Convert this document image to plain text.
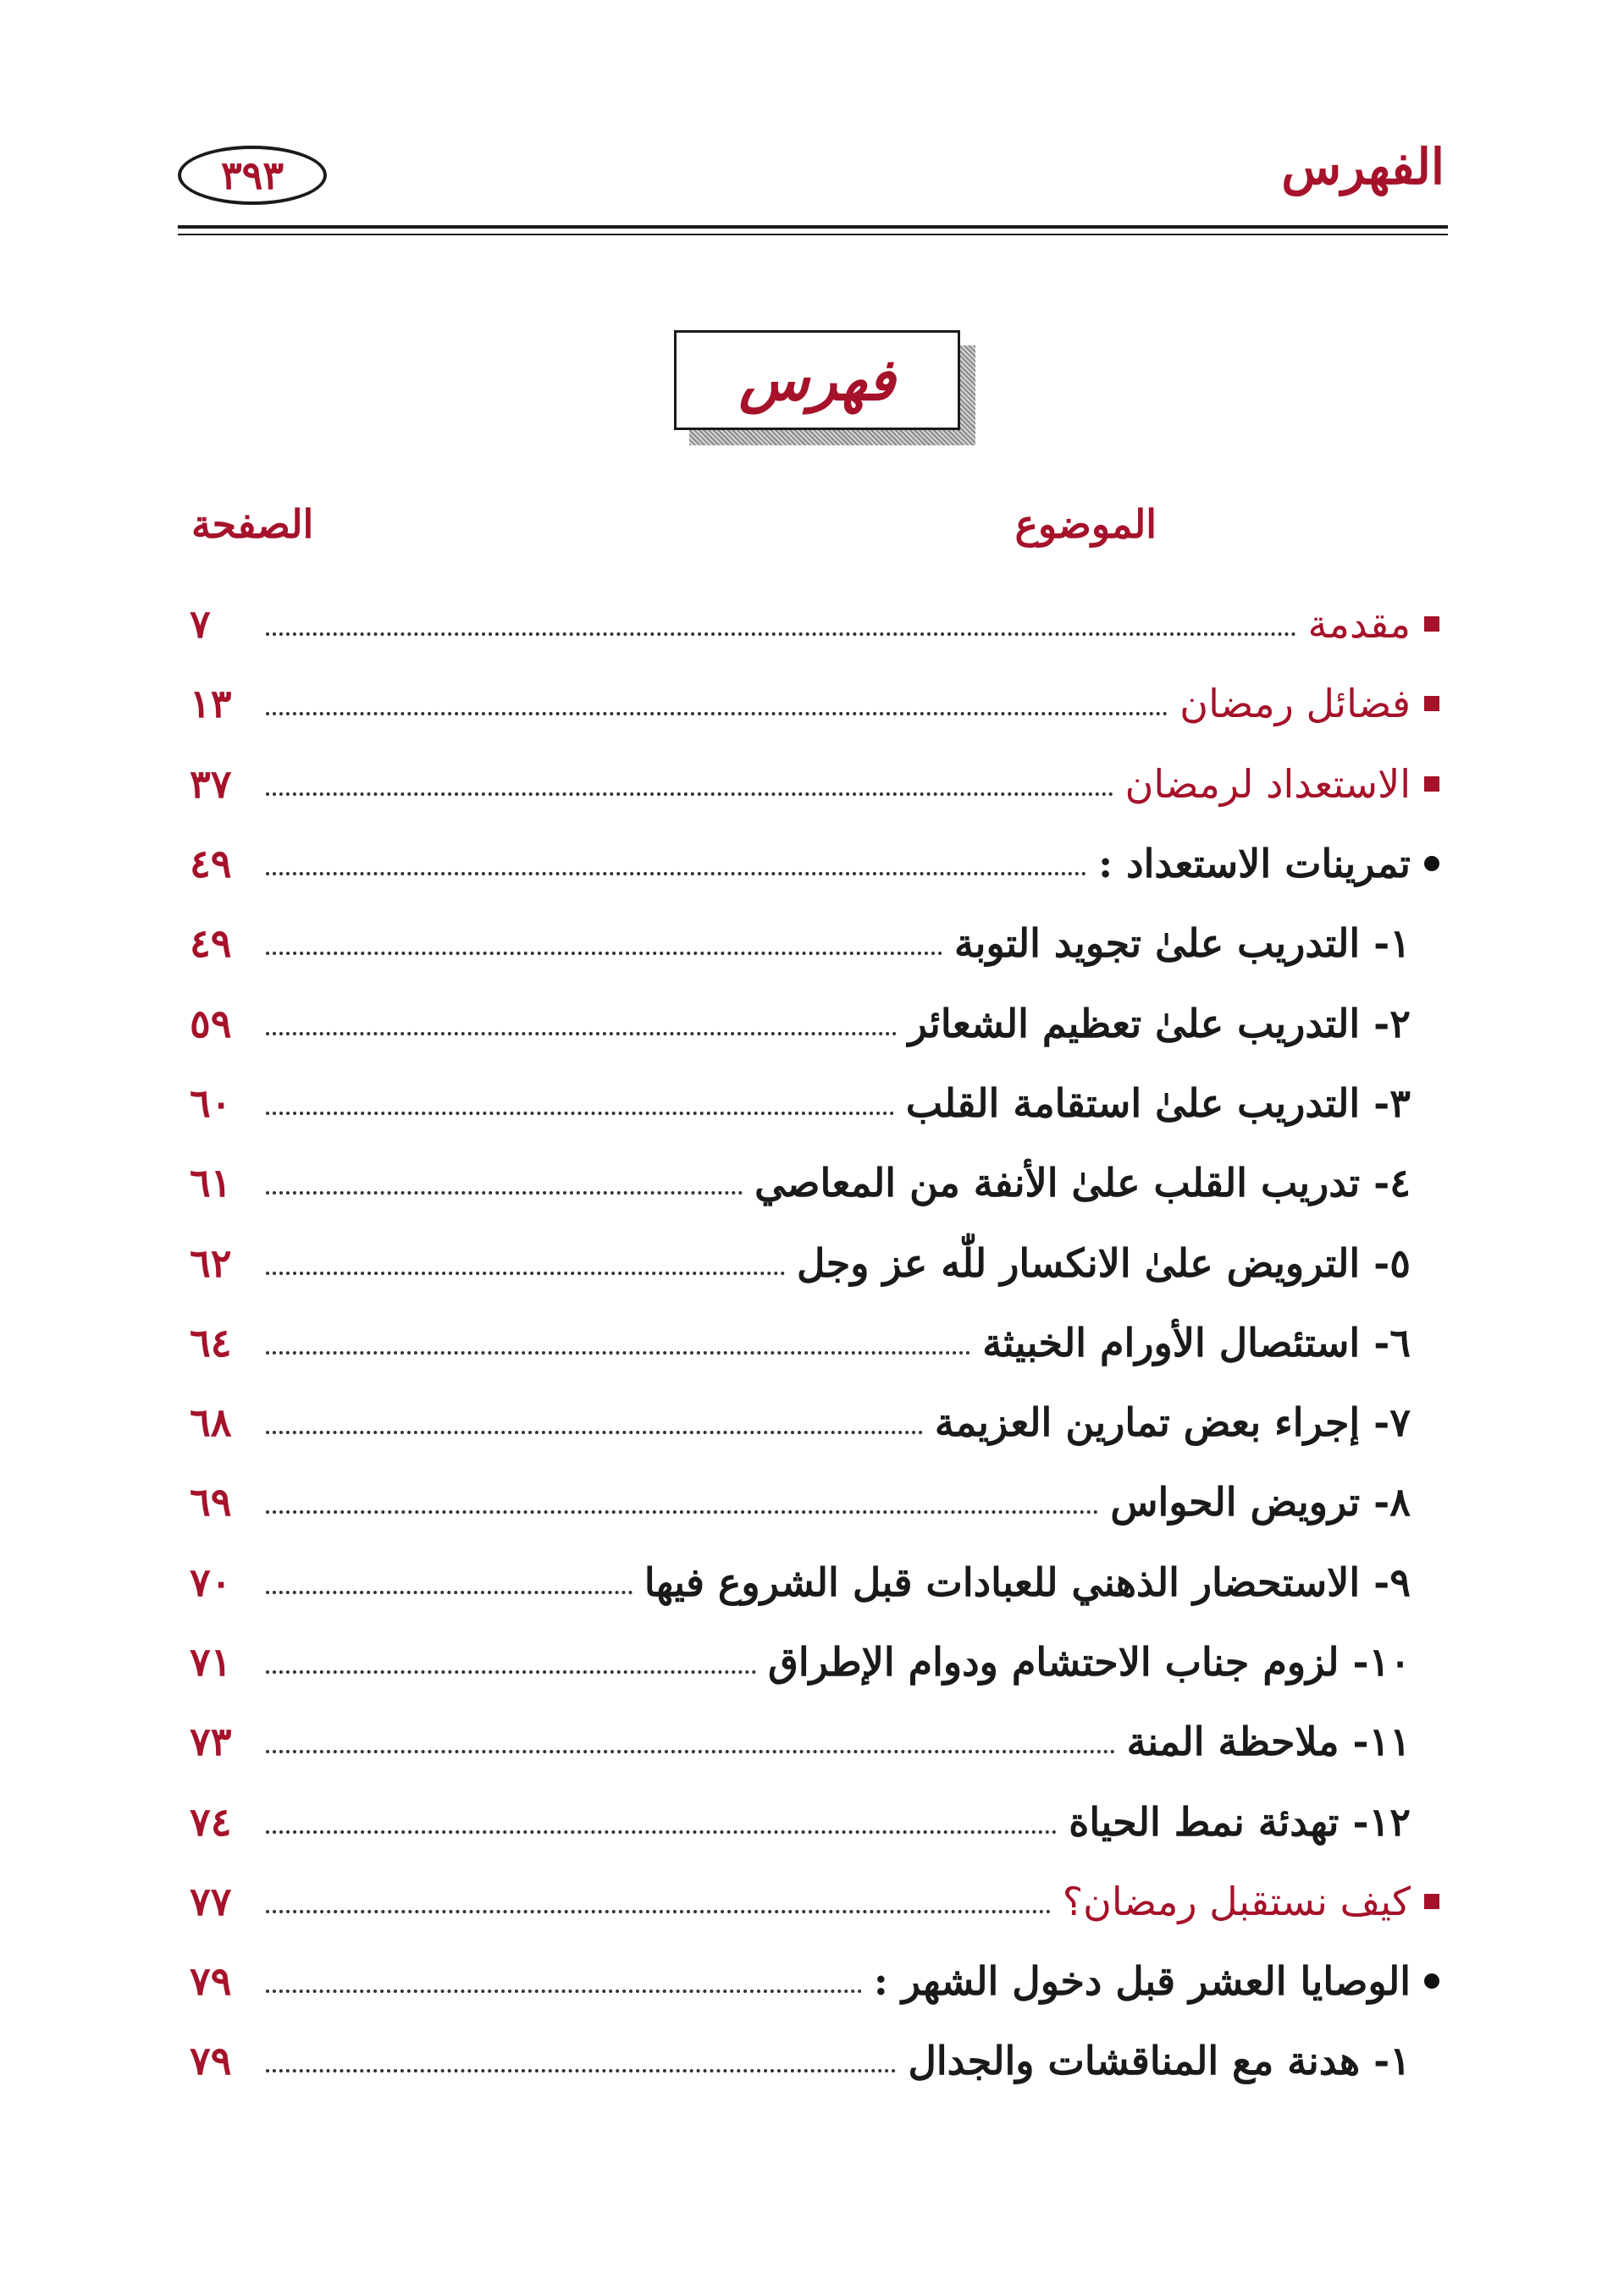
الفهرس
٣٩٣
فهرس
الموضوع
الصفحة
مقدمة
٧
فضائل رمضان
١٣
الاستعداد لرمضان
٣٧
تمرينات الاستعداد :
٤٩
١- التدريب علىٰ تجويد التوبة
٤٩
٢- التدريب علىٰ تعظيم الشعائر
٥٩
٣- التدريب علىٰ استقامة القلب
٦٠
٤- تدريب القلب علىٰ الأنفة من المعاصي
٦١
٥- الترويض علىٰ الانكسار للّٰه عز وجل
٦٢
٦- استئصال الأورام الخبيثة
٦٤
٧- إجراء بعض تمارين العزيمة
٦٨
٨- ترويض الحواس
٦٩
٩- الاستحضار الذهني للعبادات قبل الشروع فيها
٧٠
١٠- لزوم جناب الاحتشام ودوام الإطراق
٧١
١١- ملاحظة المنة
٧٣
١٢- تهدئة نمط الحياة
٧٤
كيف نستقبل رمضان؟
٧٧
الوصايا العشر قبل دخول الشهر :
٧٩
١- هدنة مع المناقشات والجدال
٧٩
